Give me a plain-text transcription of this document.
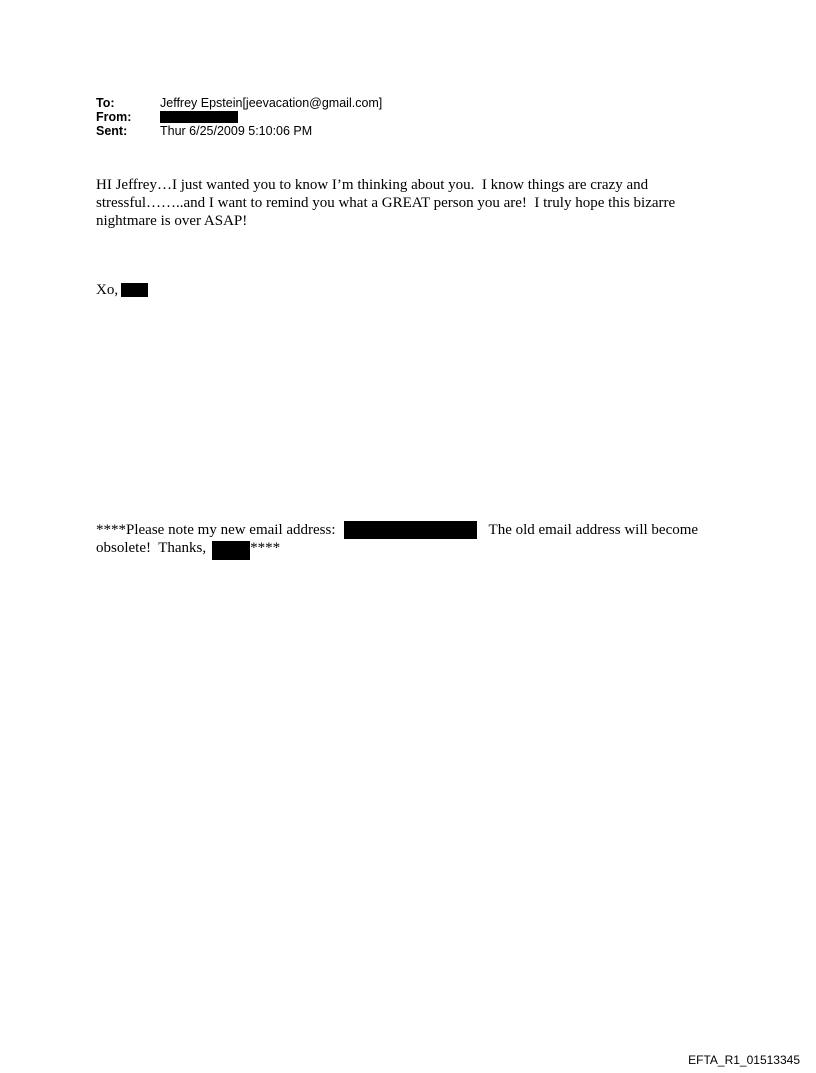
To:	Jeffrey Epstein[jeevacation@gmail.com]
From:
Sent:	Thur 6/25/2009 5:10:06 PM
HI Jeffrey…I just wanted you to know I’m thinking about you.  I know things are crazy and stressful……..and I want to remind you what a GREAT person you are!  I truly hope this bizarre nightmare is over ASAP!
Xo,
****Please note my new email address:	The old email address will become
obsolete!  Thanks,	****
EFTA_R1_01513345
